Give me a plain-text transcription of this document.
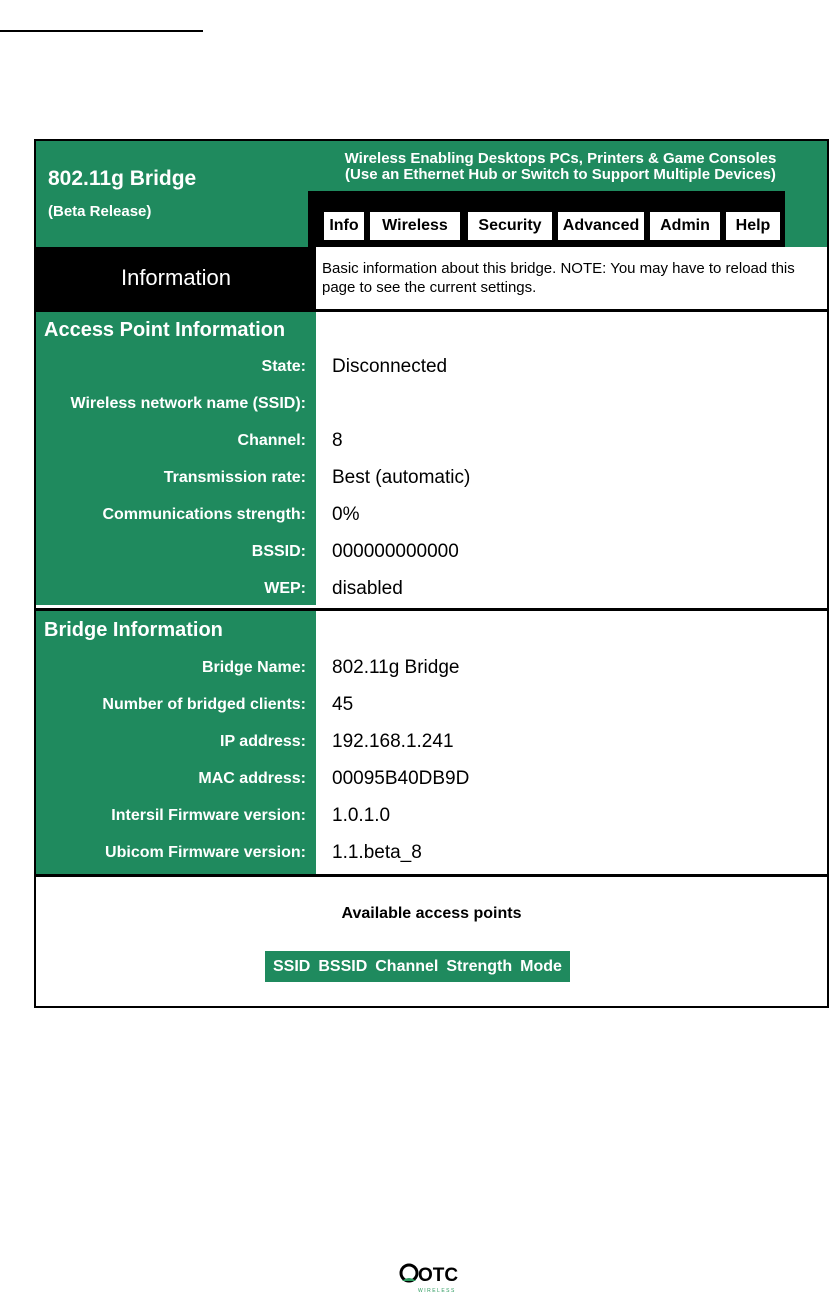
802.11g Bridge
(Beta Release)
Wireless Enabling Desktops PCs, Printers & Game Consoles
(Use an Ethernet Hub or Switch to Support Multiple Devices)
Info	Wireless	Security	Advanced	Admin	Help
Information	Basic information about this bridge. NOTE: You may have to reload this page to see the current settings.
Access Point Information
State: Disconnected
Wireless network name (SSID):
Channel: 8
Transmission rate: Best (automatic)
Communications strength: 0%
BSSID: 000000000000
WEP: disabled
Bridge Information
Bridge Name: 802.11g Bridge
Number of bridged clients: 45
IP address: 192.168.1.241
MAC address: 00095B40DB9D
Intersil Firmware version: 1.0.1.0
Ubicom Firmware version: 1.1.beta_8
Available access points
SSID BSSID Channel Strength Mode
OTC
WIRELESS
